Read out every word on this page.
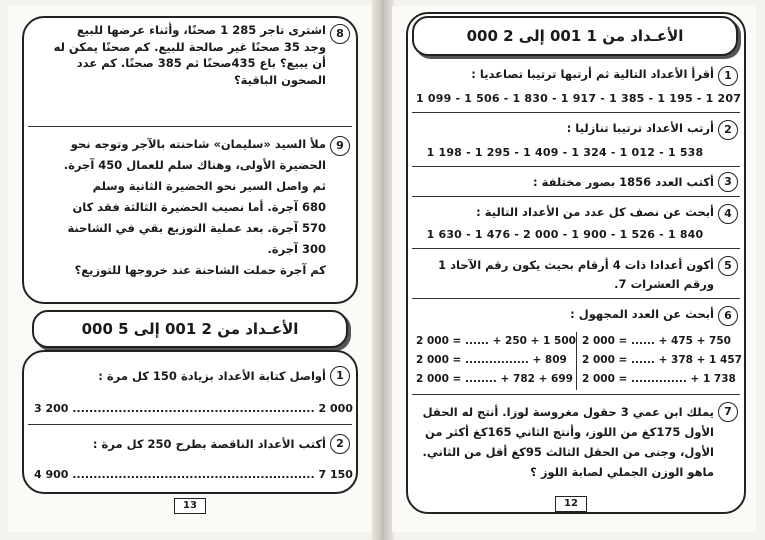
اشترى تاجر 285 1 صحنًا، وأثناء عرضها للبيع
وجد 35 صحنًا غير صالحة للبيع. كم صحنًا يمكن له
أن يبيع؟ باع 435صحنًا ثم 385 صحنًا. كم عدد
الصحون الباقية؟
8
ملأ السيد «سليمان» شاحنته بالآجر وتوجه نحو
الحضيرة الأولى، وهناك سلم للعمال 450 آجرة.
ثم واصل السير نحو الحضيرة الثانية وسلم
680 آجرة. أما نصيب الحضيرة الثالثة فقد كان
570 آجرة. بعد عملية التوزيع بقي في الشاحنة
300 آجرة.
كم آجرة حملت الشاحنة عند خروجها للتوزيع؟
9
الأعـداد من 2 001 إلى 5 000
أواصل كتابة الأعداد بزيادة 150 كل مرة : 1
3 200 .......................................................... 2 000
أكتب الأعداد الناقصة بطرح 250 كل مرة : 2
4 900 .......................................................... 7 150
13
الأعـداد من 1 001 إلى 2 000
أقرأ الأعداد التالية ثم أرتبها ترتيبا تصاعديا :
1 099 - 1 506 - 1 830 - 1 917 - 1 385 - 1 195 - 1 207
1
أرتب الأعداد ترتيبا تنازليا :
1 198 - 1 295 - 1 409 - 1 324 - 1 012 - 1 538
2
أكتب العدد 1856 بصور مختلفة : 3
أبحث عن نصف كل عدد من الأعداد التالية :
1 630 - 1 476 - 2 000 - 1 900 - 1 526 - 1 840
4
أكون أعدادا ذات 4 أرقام بحيث يكون رقم الآحاد 1
ورقم العشرات 7.
5
أبحث عن العدد المجهول : 6
2 000 = ...... + 250 + 1 500
2 000 = ................ + 809
2 000 = ........ + 782 + 699
2 000 = ...... + 475 + 750
2 000 = ...... + 378 + 1 457
2 000 = .............. + 1 738
يملك ابن عمي 3 حقول مغروسة لوزا. أنتج له الحقل
الأول 175كغ من اللوز، وأنتج الثاني 165كغ أكثر من
الأول، وجنى من الحقل الثالث 95كغ أقل من الثاني.
ماهو الوزن الجملي لصابة اللوز ؟
7
12
